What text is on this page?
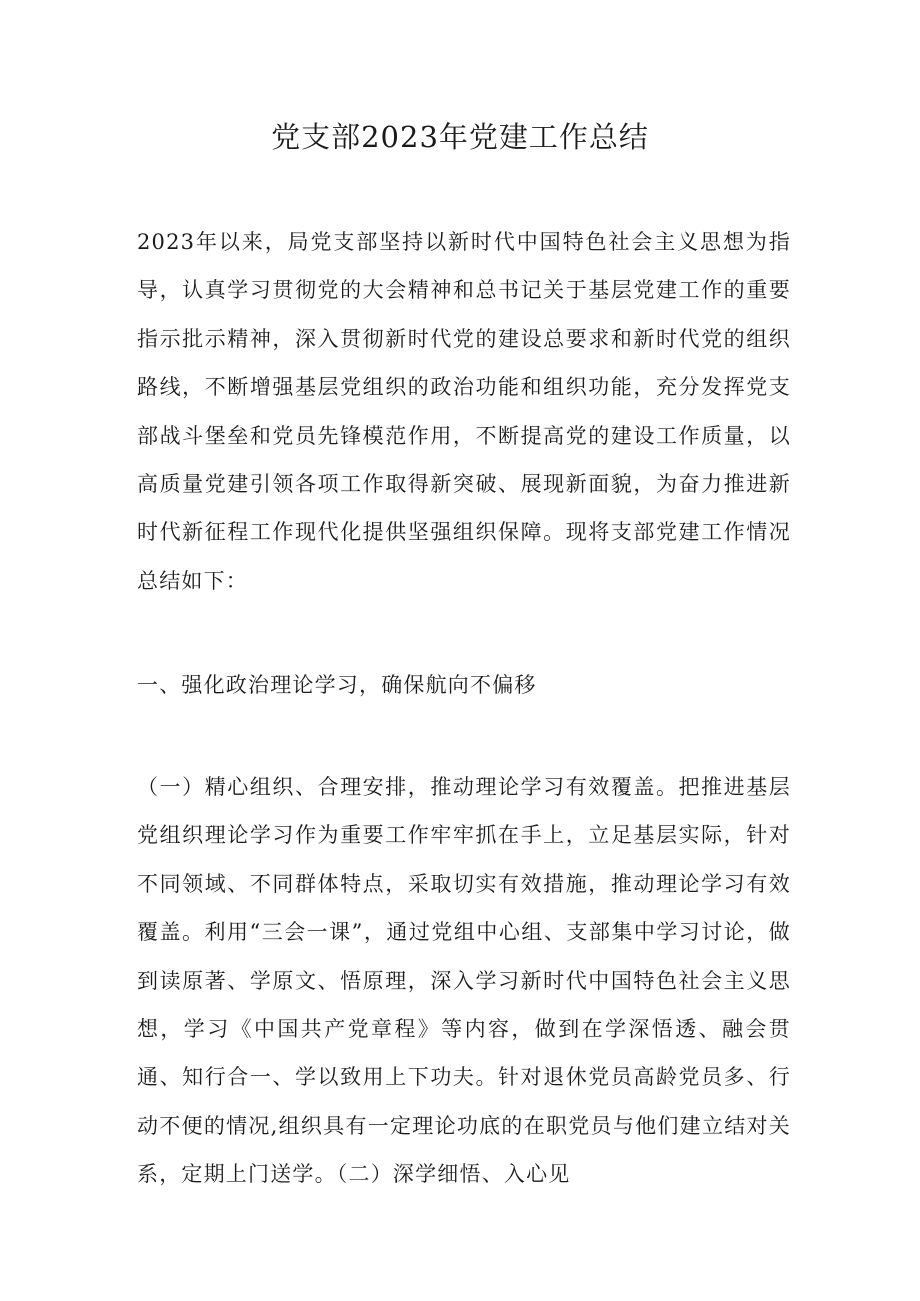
党支部2023年党建工作总结

2023年以来，局党支部坚持以新时代中国特色社会主义思想为指导，认真学习贯彻党的大会精神和总书记关于基层党建工作的重要指示批示精神，深入贯彻新时代党的建设总要求和新时代党的组织路线，不断增强基层党组织的政治功能和组织功能，充分发挥党支部战斗堡垒和党员先锋模范作用，不断提高党的建设工作质量，以高质量党建引领各项工作取得新突破、展现新面貌，为奋力推进新时代新征程工作现代化提供坚强组织保障。现将支部党建工作情况总结如下：

一、强化政治理论学习，确保航向不偏移

（一）精心组织、合理安排，推动理论学习有效覆盖。把推进基层党组织理论学习作为重要工作牢牢抓在手上，立足基层实际，针对不同领域、不同群体特点，采取切实有效措施，推动理论学习有效覆盖。利用“三会一课”，通过党组中心组、支部集中学习讨论，做到读原著、学原文、悟原理，深入学习新时代中国特色社会主义思想，学习《中国共产党章程》等内容，做到在学深悟透、融会贯通、知行合一、学以致用上下功夫。针对退休党员高龄党员多、行动不便的情况,组织具有一定理论功底的在职党员与他们建立结对关系，定期上门送学。（二）深学细悟、入心见
